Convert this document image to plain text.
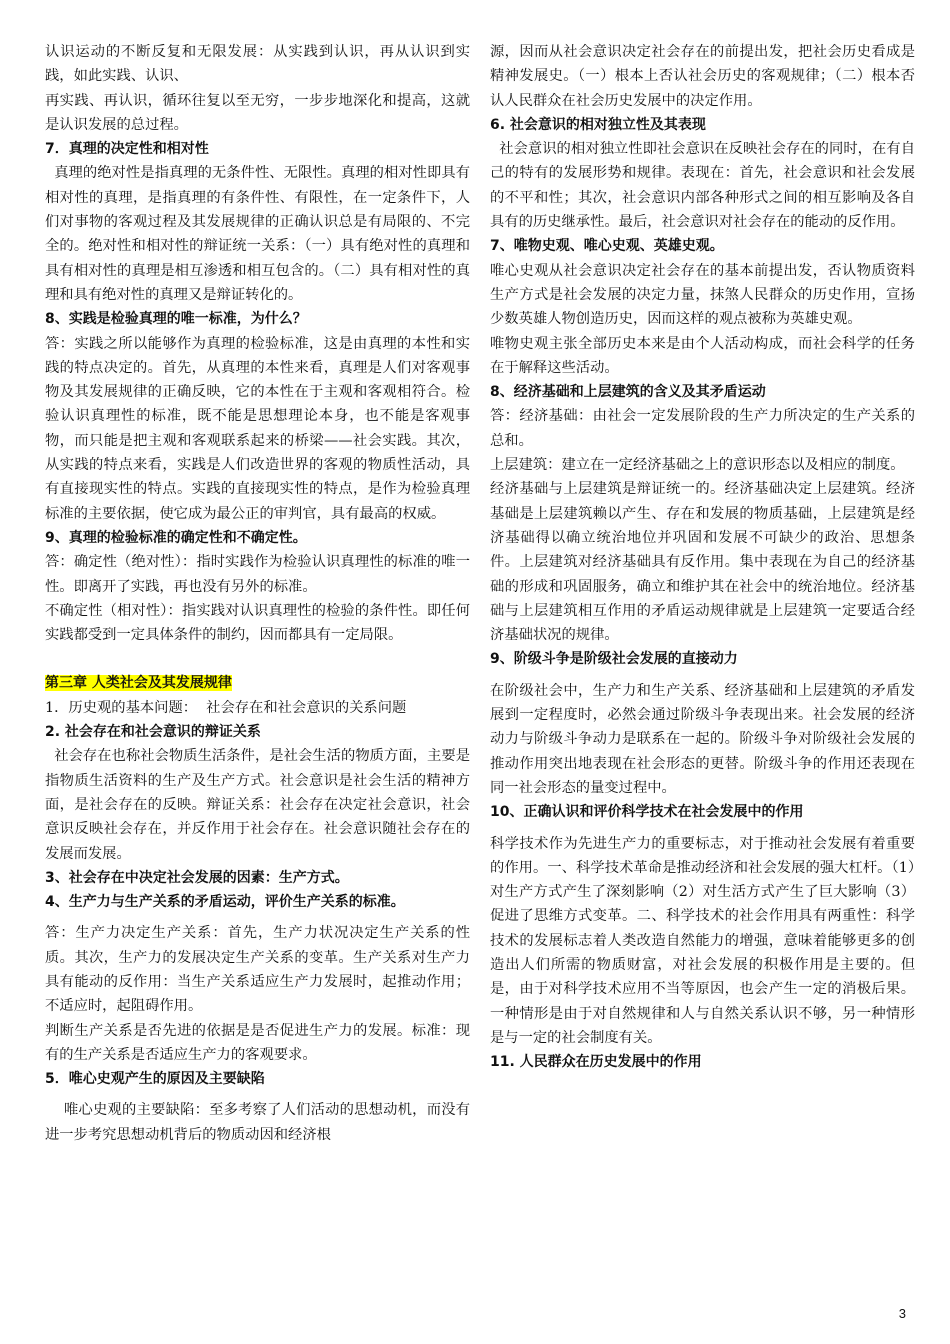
认识运动的不断反复和无限发展：从实践到认识，再从认识到实践，如此实践、认识、
再实践、再认识，循环往复以至无穷，一步步地深化和提高，这就是认识发展的总过程。
7．真理的决定性和相对性
真理的绝对性是指真理的无条件性、无限性。真理的相对性即具有相对性的真理，是指真理的有条件性、有限性，在一定条件下，人们对事物的客观过程及其发展规律的正确认识总是有局限的、不完全的。绝对性和相对性的辩证统一关系：（一）具有绝对性的真理和具有相对性的真理是相互渗透和相互包含的。（二）具有相对性的真理和具有绝对性的真理又是辩证转化的。
8、实践是检验真理的唯一标准，为什么？
答：实践之所以能够作为真理的检验标准，这是由真理的本性和实践的特点决定的。首先，从真理的本性来看，真理是人们对客观事物及其发展规律的正确反映，它的本性在于主观和客观相符合。检验认识真理性的标准，既不能是思想理论本身，也不能是客观事物，而只能是把主观和客观联系起来的桥梁——社会实践。其次，从实践的特点来看，实践是人们改造世界的客观的物质性活动，具有直接现实性的特点。实践的直接现实性的特点，是作为检验真理标准的主要依据，使它成为最公正的审判官，具有最高的权威。
9、真理的检验标准的确定性和不确定性。
答：确定性（绝对性）：指时实践作为检验认识真理性的标准的唯一性。即离开了实践，再也没有另外的标准。
不确定性（相对性）：指实践对认识真理性的检验的条件性。即任何实践都受到一定具体条件的制约，因而都具有一定局限。
第三章 人类社会及其发展规律
1．历史观的基本问题：  社会存在和社会意识的关系问题
2. 社会存在和社会意识的辩证关系
社会存在也称社会物质生活条件，是社会生活的物质方面，主要是指物质生活资料的生产及生产方式。社会意识是社会生活的精神方面，是社会存在的反映。辩证关系：社会存在决定社会意识，社会意识反映社会存在，并反作用于社会存在。社会意识随社会存在的发展而发展。
3、社会存在中决定社会发展的因素：生产方式。
4、生产力与生产关系的矛盾运动，评价生产关系的标准。
答：生产力决定生产关系：首先，生产力状况决定生产关系的性质。其次，生产力的发展决定生产关系的变革。生产关系对生产力具有能动的反作用：当生产关系适应生产力发展时，起推动作用；不适应时，起阻碍作用。
判断生产关系是否先进的依据是是否促进生产力的发展。标准：现有的生产关系是否适应生产力的客观要求。
5．唯心史观产生的原因及主要缺陷
唯心史观的主要缺陷：至多考察了人们活动的思想动机，而没有进一步考究思想动机背后的物质动因和经济根
源，因而从社会意识决定社会存在的前提出发，把社会历史看成是精神发展史。（一）根本上否认社会历史的客观规律；（二）根本否认人民群众在社会历史发展中的决定作用。
6. 社会意识的相对独立性及其表现
社会意识的相对独立性即社会意识在反映社会存在的同时，在有自己的特有的发展形势和规律。表现在：首先，社会意识和社会发展的不平和性；其次，社会意识内部各种形式之间的相互影响及各自具有的历史继承性。最后，社会意识对社会存在的能动的反作用。
7、唯物史观、唯心史观、英雄史观。
唯心史观从社会意识决定社会存在的基本前提出发，否认物质资料生产方式是社会发展的决定力量，抹煞人民群众的历史作用，宣扬少数英雄人物创造历史，因而这样的观点被称为英雄史观。
唯物史观主张全部历史本来是由个人活动构成，而社会科学的任务在于解释这些活动。
8、经济基础和上层建筑的含义及其矛盾运动
答：经济基础：由社会一定发展阶段的生产力所决定的生产关系的总和。
上层建筑：建立在一定经济基础之上的意识形态以及相应的制度。
经济基础与上层建筑是辩证统一的。经济基础决定上层建筑。经济基础是上层建筑赖以产生、存在和发展的物质基础，上层建筑是经济基础得以确立统治地位并巩固和发展不可缺少的政治、思想条件。上层建筑对经济基础具有反作用。集中表现在为自己的经济基础的形成和巩固服务，确立和维护其在社会中的统治地位。经济基础与上层建筑相互作用的矛盾运动规律就是上层建筑一定要适合经济基础状况的规律。
9、阶级斗争是阶级社会发展的直接动力
在阶级社会中，生产力和生产关系、经济基础和上层建筑的矛盾发展到一定程度时，必然会通过阶级斗争表现出来。社会发展的经济动力与阶级斗争动力是联系在一起的。阶级斗争对阶级社会发展的推动作用突出地表现在社会形态的更替。阶级斗争的作用还表现在同一社会形态的量变过程中。
10、正确认识和评价科学技术在社会发展中的作用
科学技术作为先进生产力的重要标志，对于推动社会发展有着重要的作用。一、科学技术革命是推动经济和社会发展的强大杠杆。（1）对生产方式产生了深刻影响（2）对生活方式产生了巨大影响（3）促进了思维方式变革。二、科学技术的社会作用具有两重性：科学技术的发展标志着人类改造自然能力的增强，意味着能够更多的创造出人们所需的物质财富，对社会发展的积极作用是主要的。但是，由于对科学技术应用不当等原因，也会产生一定的消极后果。一种情形是由于对自然规律和人与自然关系认识不够，另一种情形是与一定的社会制度有关。
11. 人民群众在历史发展中的作用
3
